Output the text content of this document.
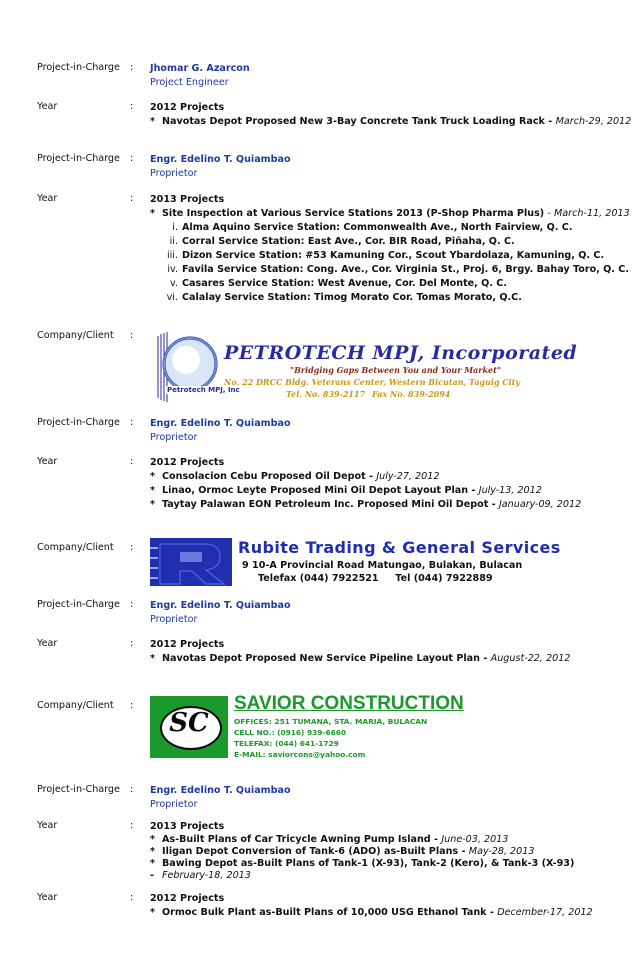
Project-in-Charge : Jhomar G. Azarcon
Project Engineer
Year	: 2012 Projects
* Navotas Depot Proposed New 3-Bay Concrete Tank Truck Loading Rack - March-29, 2012
Project-in-Charge : Engr. Edelino T. Quiambao
Proprietor
Year	: 2013 Projects
* Site Inspection at Various Service Stations 2013 (P-Shop Pharma Plus) - March-11, 2013
i. Alma Aquino Service Station: Commonwealth Ave., North Fairview, Q. C.
ii. Corral Service Station: East Ave., Cor. BIR Road, Piñaha, Q. C.
iii. Dizon Service Station: #53 Kamuning Cor., Scout Ybardolaza, Kamuning, Q. C.
iv. Favila Service Station: Cong. Ave., Cor. Virginia St., Proj. 6, Brgy. Bahay Toro, Q. C.
v. Casares Service Station: West Avenue, Cor. Del Monte, Q. C.
vi. Calalay Service Station: Timog Morato Cor. Tomas Morato, Q.C.
Company/Client :
Petrotech MPJ, Inc
PETROTECH MPJ, Incorporated
"Bridging Gaps Between You and Your Market"
No. 22 DRCC Bldg. Veterans Center, Western Bicutan, Taguig City
Tel. No. 839-2117 Fax No. 839-2094
Project-in-Charge : Engr. Edelino T. Quiambao
Proprietor
Year	: 2012 Projects
* Consolacion Cebu Proposed Oil Depot - July-27, 2012
* Linao, Ormoc Leyte Proposed Mini Oil Depot Layout Plan - July-13, 2012
* Taytay Palawan EON Petroleum Inc. Proposed Mini Oil Depot - January-09, 2012
Company/Client :	Rubite Trading & General Services
9 10-A Provincial Road Matungao, Bulakan, Bulacan
Telefax (044) 7922521     Tel (044) 7922889
Project-in-Charge : Engr. Edelino T. Quiambao
Proprietor
Year	: 2012 Projects
* Navotas Depot Proposed New Service Pipeline Layout Plan - August-22, 2012
Company/Client :
SC
SAVIOR CONSTRUCTION
OFFICES: 251 TUMANA, STA. MARIA, BULACAN
CELL NO.: (0916) 939-6660
TELEFAX: (044) 641-1729
E-MAIL: saviorcons@yahoo.com
Project-in-Charge : Engr. Edelino T. Quiambao
Proprietor
Year	: 2013 Projects
* As-Built Plans of Car Tricycle Awning Pump Island - June-03, 2013
* Iligan Depot Conversion of Tank-6 (ADO) as-Built Plans - May-28, 2013
* Bawing Depot as-Built Plans of Tank-1 (X-93), Tank-2 (Kero), & Tank-3 (X-93)
- February-18, 2013
Year	: 2012 Projects
* Ormoc Bulk Plant as-Built Plans of 10,000 USG Ethanol Tank - December-17, 2012
